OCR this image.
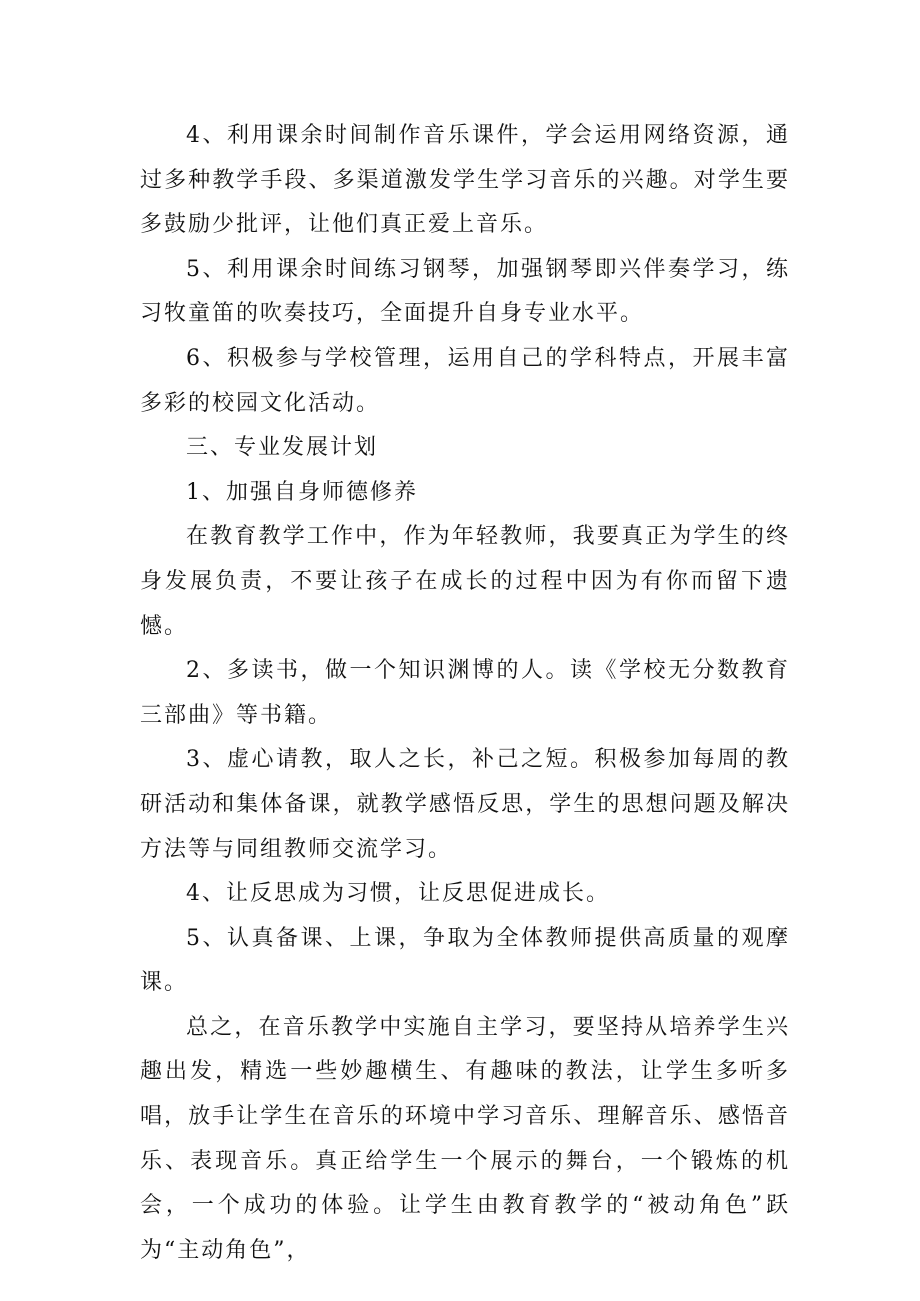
4、利用课余时间制作音乐课件，学会运用网络资源，通过多种教学手段、多渠道激发学生学习音乐的兴趣。对学生要多鼓励少批评，让他们真正爱上音乐。

5、利用课余时间练习钢琴，加强钢琴即兴伴奏学习，练习牧童笛的吹奏技巧，全面提升自身专业水平。

6、积极参与学校管理，运用自己的学科特点，开展丰富多彩的校园文化活动。

三、专业发展计划

1、加强自身师德修养

在教育教学工作中，作为年轻教师，我要真正为学生的终身发展负责，不要让孩子在成长的过程中因为有你而留下遗憾。

2、多读书，做一个知识渊博的人。读《学校无分数教育三部曲》等书籍。

3、虚心请教，取人之长，补己之短。积极参加每周的教研活动和集体备课，就教学感悟反思，学生的思想问题及解决方法等与同组教师交流学习。

4、让反思成为习惯，让反思促进成长。

5、认真备课、上课，争取为全体教师提供高质量的观摩课。

总之，在音乐教学中实施自主学习，要坚持从培养学生兴趣出发，精选一些妙趣横生、有趣味的教法，让学生多听多唱，放手让学生在音乐的环境中学习音乐、理解音乐、感悟音乐、表现音乐。真正给学生一个展示的舞台，一个锻炼的机会，一个成功的体验。让学生由教育教学的“被动角色”跃为“主动角色”，
